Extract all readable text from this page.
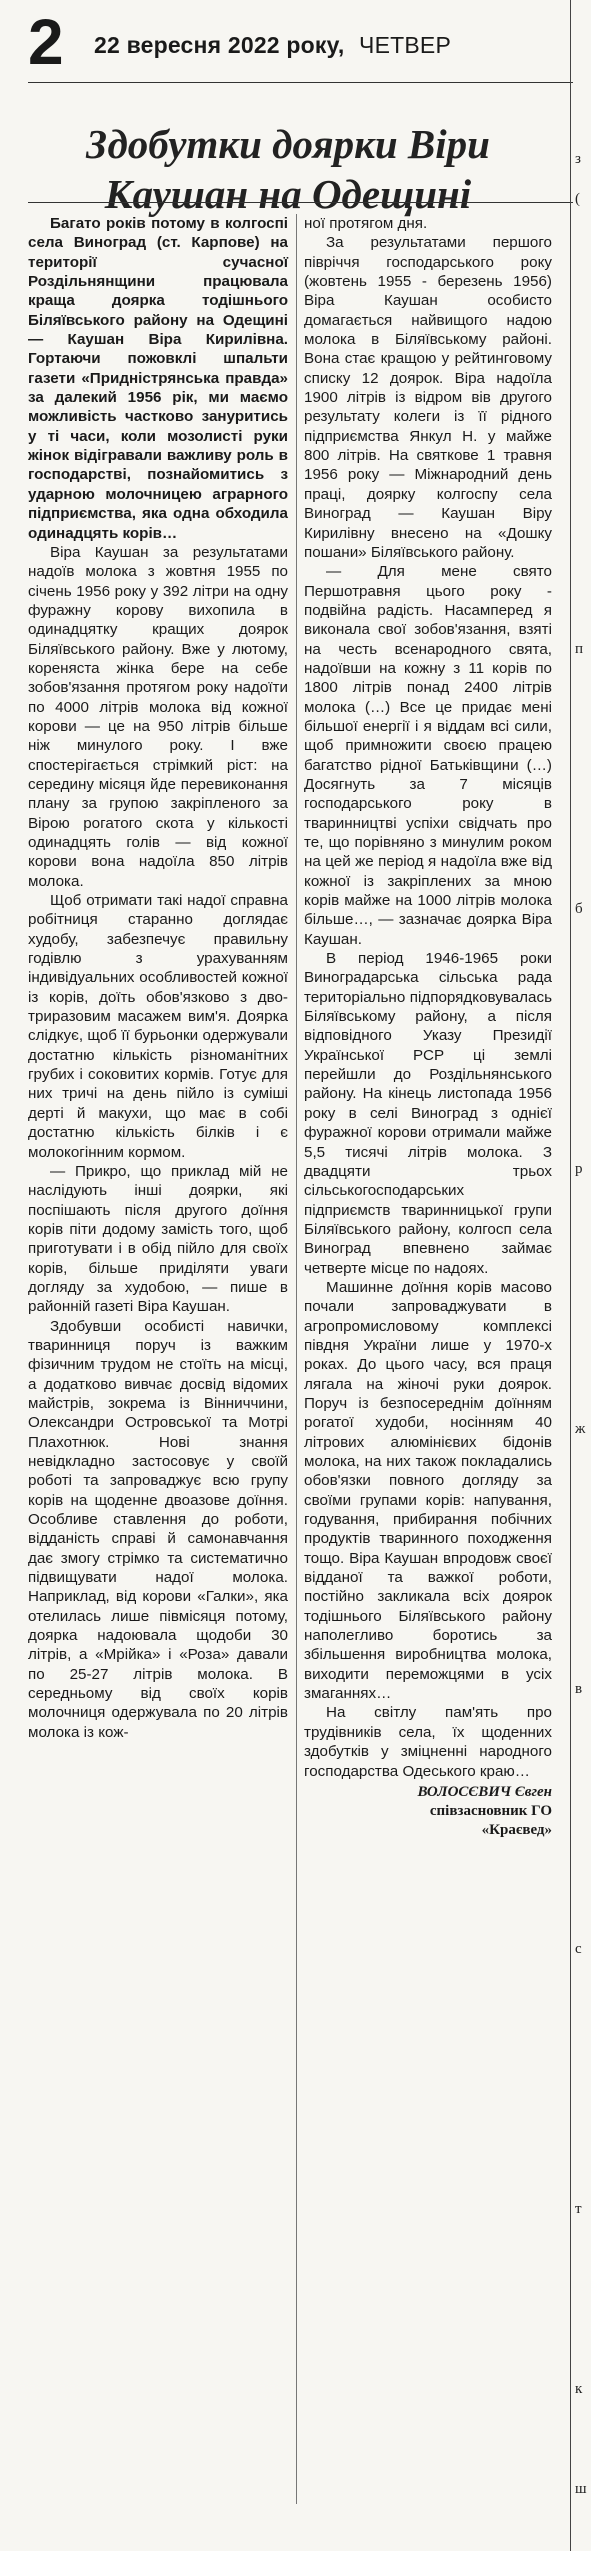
2 22 вересня 2022 року, ЧЕТВЕР
Здобутки доярки Віри Каушан на Одещині

Багато років потому в колгоспі села Виноград (ст. Карпове) на території сучасної Роздільнянщини працювала краща доярка тодішнього Біляївського району на Одещині — Каушан Віра Кирилівна. Гортаючи пожовклі шпальти газети «Придністрянська правда» за далекий 1956 рік, ми маємо можливість частково зануритись у ті часи, коли мозолисті руки жінок відігравали важливу роль в господарстві, познайомитись з ударною молочницею аграрного підприємства, яка одна обходила одинадцять корів…

Віра Каушан за результатами надоїв молока з жовтня 1955 по січень 1956 року у 392 літри на одну фуражну корову вихопила в одинадцятку кращих доярок Біляївського району. Вже у лютому, кореняста жінка бере на себе зобов'язання протягом року надоїти по 4000 літрів молока від кожної корови — це на 950 літрів більше ніж минулого року. І вже спостерігається стрімкий ріст: на середину місяця йде перевиконання плану за групою закріпленого за Вірою рогатого скота у кількості одинадцять голів — від кожної корови вона надоїла 850 літрів молока.

Щоб отримати такі надої справна робітниця старанно доглядає худобу, забезпечує правильну годівлю з урахуванням індивідуальних особливостей кожної із корів, доїть обов'язково з дво-триразовим масажем вим'я. Доярка слідкує, щоб її бурьонки одержували достатню кількість різноманітних грубих і соковитих кормів. Готує для них тричі на день пійло із суміші дерті й макухи, що має в собі достатню кількість білків і є молокогінним кормом.

— Прикро, що приклад мій не наслідують інші доярки, які поспішають після другого доїння корів піти додому замість того, щоб приготувати і в обід пійло для своїх корів, більше приділяти уваги догляду за худобою, — пише в районній газеті Віра Каушан.

Здобувши особисті навички, тваринниця поруч із важким фізичним трудом не стоїть на місці, а додатково вивчає досвід відомих майстрів, зокрема із Вінниччини, Олександри Островської та Мотрі Плахотнюк. Нові знання невідкладно застосовує у своїй роботі та запроваджує всю групу корів на щоденне двоазове доїння. Особливе ставлення до роботи, відданість справі й самонавчання дає змогу стрімко та систематично підвищувати надої молока. Наприклад, від корови «Галки», яка отелилась лише півмісяця потому, доярка надоювала щодоби 30 літрів, а «Мрійка» і «Роза» давали по 25-27 літрів молока. В середньому від своїх корів молочниця одержувала по 20 літрів молока із кож-

ної протягом дня.

За результатами першого півріччя господарського року (жовтень 1955 - березень 1956) Віра Каушан особисто домагається найвищого надою молока в Біляївському районі. Вона стає кращою у рейтинговому списку 12 доярок. Віра надоїла 1900 літрів із відром вів другого результату колеги із її рідного підприємства Янкул Н. у майже 800 літрів. На святкове 1 травня 1956 року — Міжнародний день праці, доярку колгоспу села Виноград — Каушан Віру Кирилівну внесено на «Дошку пошани» Біляївського району.

— Для мене свято Першотравня цього року - подвійна радість. Насамперед я виконала свої зобов'язання, взяті на честь всенародного свята, надоївши на кожну з 11 корів по 1800 літрів понад 2400 літрів молока (…) Все це придає мені більшої енергії і я віддам всі сили, щоб примножити своєю працею багатство рідної Батьківщини (…) Досягнуть за 7 місяців господарського року в тваринництві успіхи свідчать про те, що порівняно з минулим роком на цей же період я надоїла вже від кожної із закріплених за мною корів майже на 1000 літрів молока більше…, — зазначає доярка Віра Каушан.

В період 1946-1965 роки Виноградарська сільська рада територіально підпорядковувалась Біляївському району, а після відповідного Указу Президії Української РСР ці землі перейшли до Роздільнянського району. На кінець листопада 1956 року в селі Виноград з однієї фуражної корови отримали майже 5,5 тисячі літрів молока. З двадцяти трьох сільськогосподарських підприємств тваринницької групи Біляївського району, колгосп села Виноград впевнено займає четверте місце по надоях.

Машинне доїння корів масово почали запроваджувати в агропромисловому комплексі півдня України лише у 1970-х роках. До цього часу, вся праця лягала на жіночі руки доярок. Поруч із безпосереднім доїнням рогатої худоби, носінням 40 літрових алюмінієвих бідонів молока, на них також покладались обов'язки повного догляду за своїми групами корів: напування, годування, прибирання побічних продуктів тваринного походження тощо. Віра Каушан впродовж своєї відданої та важкої роботи, постійно закликала всіх доярок тодішнього Біляївського району наполегливо боротись за збільшення виробництва молока, виходити переможцями в усіх змаганнях…

На світлу пам'ять про трудівників села, їх щоденних здобутків у зміцненні народного господарства Одеського краю…

ВОЛОСЄВИЧ Євген
співзасновник ГО
«Краєвед»
з
(
п
б
р
ж
в
с
т
к
ш
